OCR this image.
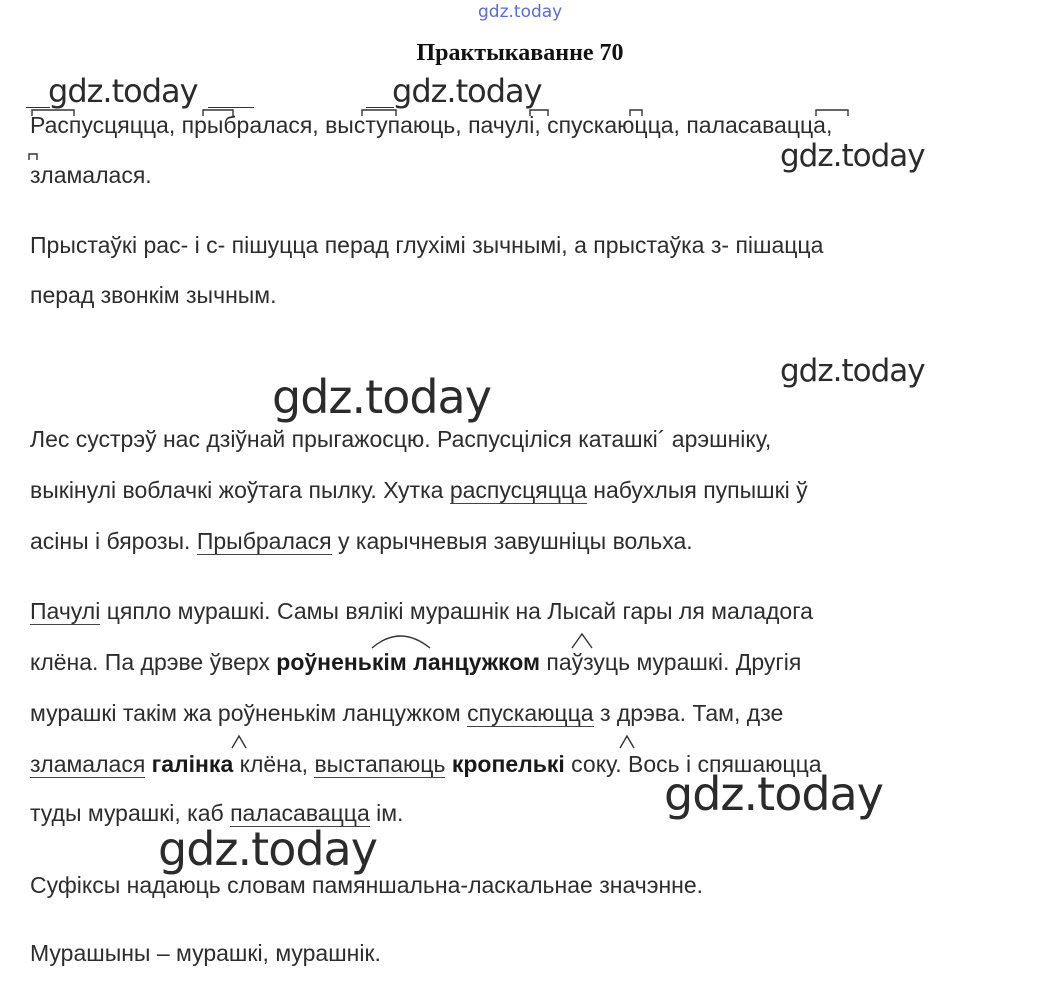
gdz.today
gdz.today	gdz.today
gdz.today
gdz.today
gdz.today
gdz.today
gdz.today
Практыкаванне 70
Распусцяцца, прыбралася, выступаюць, пачулі, спускаюцца, паласавацца,
зламалася.
Прыстаўкі рас- і с- пішуцца перад глухімі зычнымі, а прыстаўка з- пішацца
перад звонкім зычным.
Лес сустрэў нас дзіўнай прыгажосцю. Распусціліся каташкі´ арэшніку,
выкінулі воблачкі жоўтага пылку. Хутка распусцяцца набухлыя пупышкі ў
асіны і бярозы. Прыбралася у карычневыя завушніцы вольха.
Пачулі цяпло мурашкі. Самы вялікі мурашнік на Лысай гары ля маладога
клёна. Па дрэве ўверх роўненькім ланцужком паўзуць мурашкі. Другія
мурашкі такім жа роўненькім ланцужком спускаюцца з дрэва. Там, дзе
зламалася галінка клёна, выстапаюць кропелькі соку. Вось і спяшаюцца
туды мурашкі, каб паласавацца ім.
Суфіксы надаюць словам памяншальна-ласкальнае значэнне.
Мурашыны – мурашкі, мурашнік.
